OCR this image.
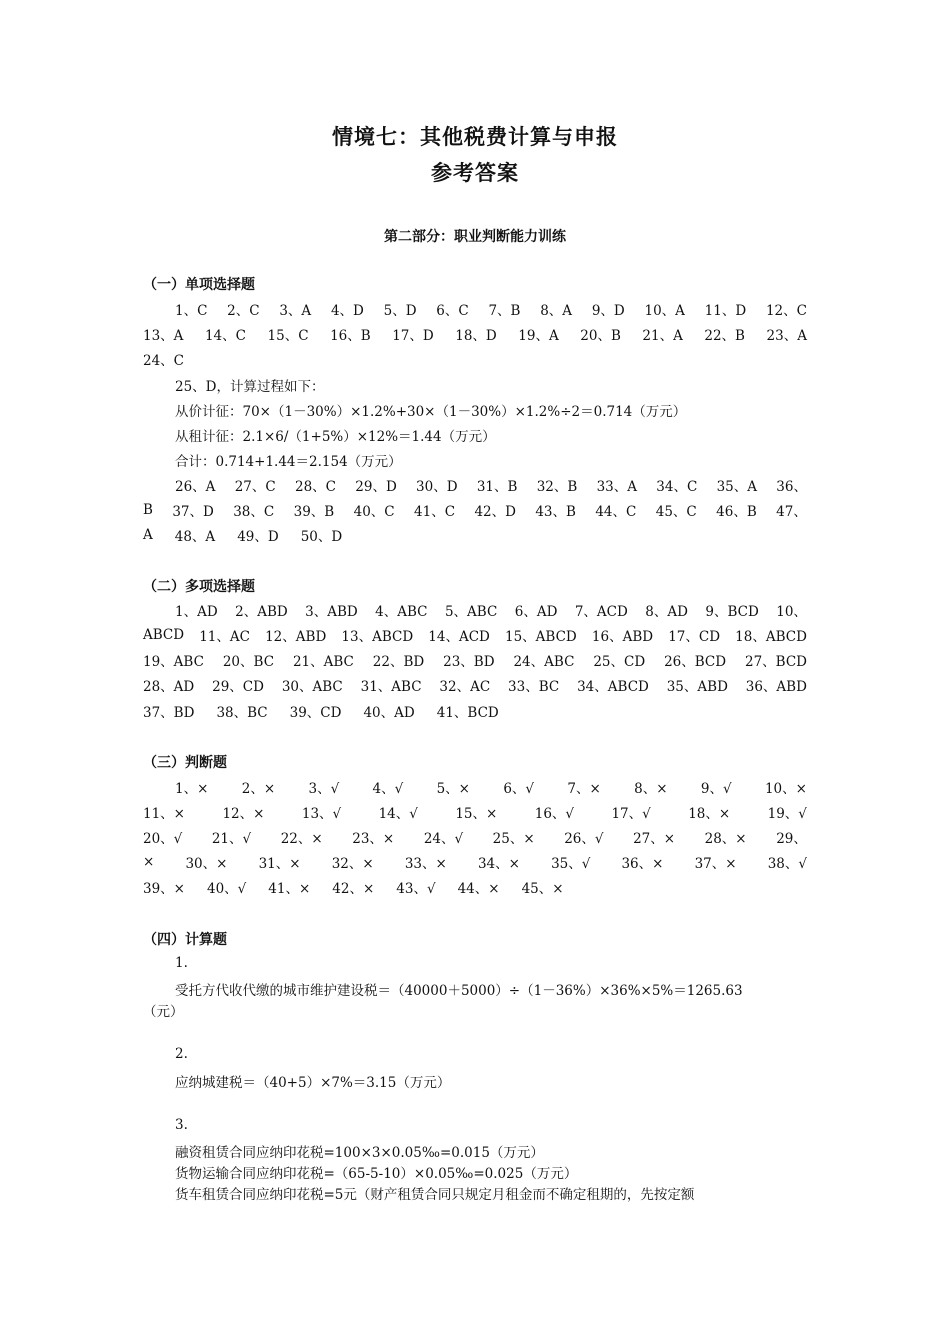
情境七：其他税费计算与申报
参考答案
第二部分：职业判断能力训练
（一）单项选择题
1、C 2、C 3、A 4、D 5、D 6、C 7、B 8、A 9、D 10、A 11、D 12、C
13、A 14、C 15、C 16、B 17、D 18、D 19、A 20、B 21、A 22、B 23、A
24、C
25、D，计算过程如下：
从价计征：70×（1－30%）×1.2%+30×（1－30%）×1.2%÷2＝0.714（万元）
从租计征：2.1×6/（1+5%）×12%＝1.44（万元）
合计：0.714+1.44＝2.154（万元）
26、A 27、C 28、C 29、D 30、D 31、B 32、B 33、A 34、C 35、A 36、
B 37、D 38、C 39、B 40、C 41、C 42、D 43、B 44、C 45、C 46、B 47、
A 48、A 49、D 50、D
（二）多项选择题
1、AD 2、ABD 3、ABD 4、ABC 5、ABC 6、AD 7、ACD 8、AD 9、BCD 10、
ABCD 11、AC 12、ABD 13、ABCD 14、ACD 15、ABCD 16、ABD 17、CD 18、ABCD
19、ABC 20、BC 21、ABC 22、BD 23、BD 24、ABC 25、CD 26、BCD 27、BCD
28、AD 29、CD 30、ABC 31、ABC 32、AC 33、BC 34、ABCD 35、ABD 36、ABD
37、BD 38、BC 39、CD 40、AD 41、BCD
（三）判断题
1、× 2、× 3、√ 4、√ 5、× 6、√ 7、× 8、× 9、√ 10、×
11、×	12、×	13、√	14、√	15、×	16、√	17、√	18、×	19、√
20、√ 21、√ 22、× 23、× 24、√ 25、× 26、√ 27、× 28、× 29、
× 30、× 31、× 32、× 33、× 34、× 35、√ 36、× 37、× 38、√
39、× 40、√ 41、× 42、× 43、√ 44、× 45、×
（四）计算题
1.
受托方代收代缴的城市维护建设税＝（40000＋5000）÷（1－36%）×36%×5%＝1265.63
（元）
2.
应纳城建税＝（40+5）×7%＝3.15（万元）
3.
融资租赁合同应纳印花税=100×3×0.05‰=0.015（万元）
货物运输合同应纳印花税=（65-5-10）×0.05‰=0.025（万元）
货车租赁合同应纳印花税=5元（财产租赁合同只规定月租金而不确定租期的，先按定额
